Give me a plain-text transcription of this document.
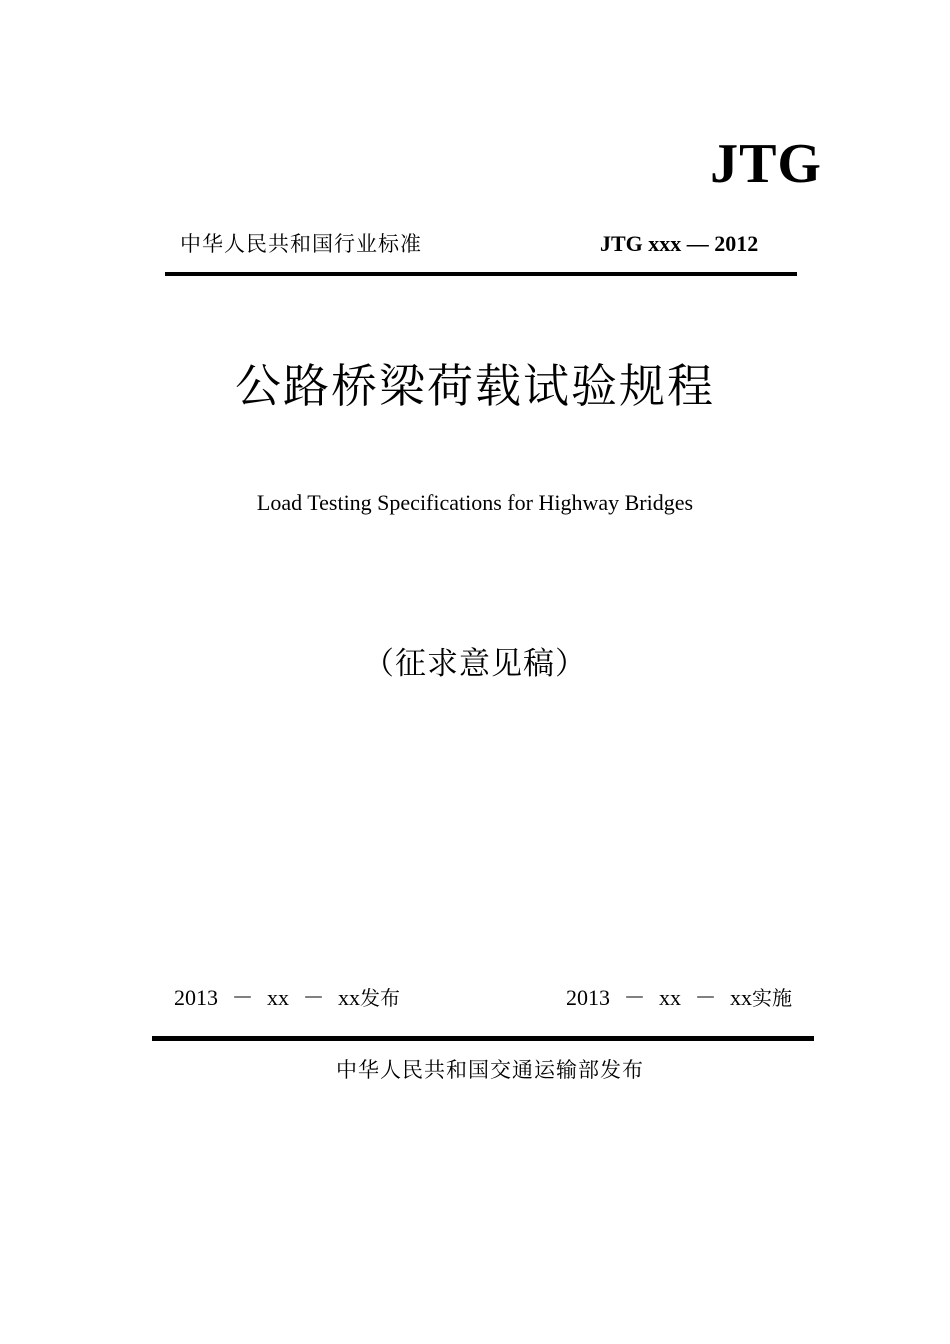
JTG
中华人民共和国行业标准	JTG xxx — 2012
公路桥梁荷载试验规程
Load Testing Specifications for Highway Bridges
（征求意见稿）
2013 － xx － xx发布	2013 － xx － xx实施
中华人民共和国交通运输部发布
